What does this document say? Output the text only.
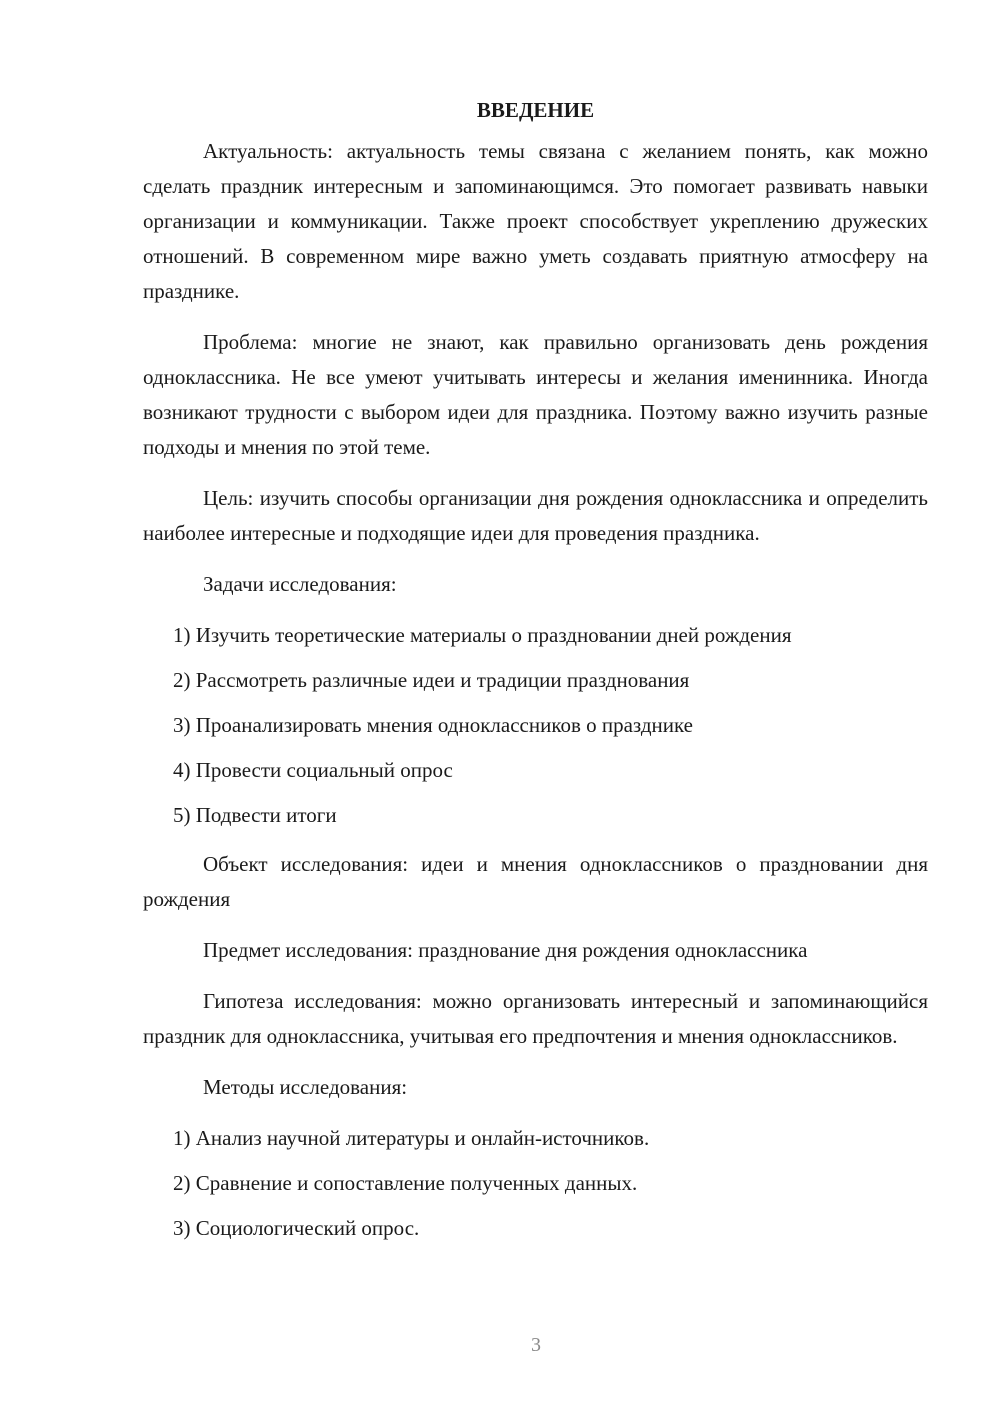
ВВЕДЕНИЕ

Актуальность: актуальность темы связана с желанием понять, как можно сделать праздник интересным и запоминающимся. Это помогает развивать навыки организации и коммуникации. Также проект способствует укреплению дружеских отношений. В современном мире важно уметь создавать приятную атмосферу на празднике.

Проблема: многие не знают, как правильно организовать день рождения одноклассника. Не все умеют учитывать интересы и желания именинника. Иногда возникают трудности с выбором идеи для праздника. Поэтому важно изучить разные подходы и мнения по этой теме.

Цель: изучить способы организации дня рождения одноклассника и определить наиболее интересные и подходящие идеи для проведения праздника.

Задачи исследования:

1) Изучить теоретические материалы о праздновании дней рождения
2) Рассмотреть различные идеи и традиции празднования
3) Проанализировать мнения одноклассников о празднике
4) Провести социальный опрос
5) Подвести итоги

Объект исследования: идеи и мнения одноклассников о праздновании дня рождения

Предмет исследования: празднование дня рождения одноклассника

Гипотеза исследования: можно организовать интересный и запоминающийся праздник для одноклассника, учитывая его предпочтения и мнения одноклассников.

Методы исследования:

1) Анализ научной литературы и онлайн-источников.
2) Сравнение и сопоставление полученных данных.
3) Социологический опрос.
3
